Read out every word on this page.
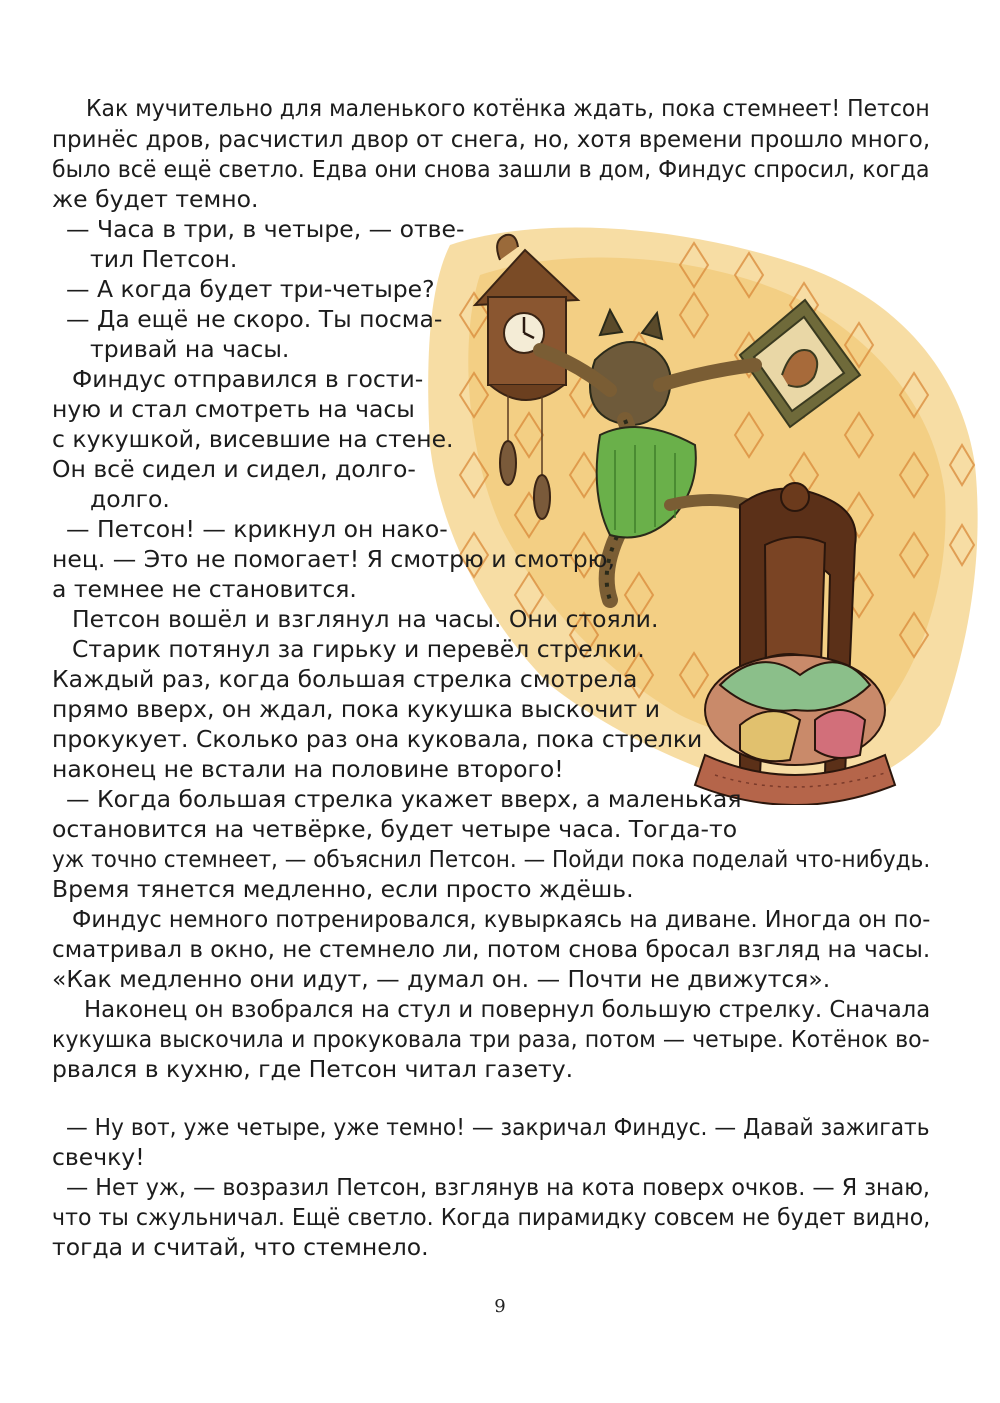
Как мучительно для маленького котёнка ждать, пока стемнеет! Петсон
принёс дров, расчистил двор от снега, но, хотя времени прошло много,
было всё ещё светло. Едва они снова зашли в дом, Финдус спросил, когда
же будет темно.
— Часа в три, в четыре, — отве-
тил Петсон.
— А когда будет три-четыре?
— Да ещё не скоро. Ты посма-
тривай на часы.
Финдус отправился в гости-
ную и стал смотреть на часы
с кукушкой, висевшие на стене.
Он всё сидел и сидел, долго-
долго.
— Петсон! — крикнул он нако-
нец. — Это не помогает! Я смотрю и смотрю,
а темнее не становится.
Петсон вошёл и взглянул на часы. Они стояли.
Старик потянул за гирьку и перевёл стрелки.
Каждый раз, когда большая стрелка смотрела
прямо вверх, он ждал, пока кукушка выскочит и
прокукует. Сколько раз она куковала, пока стрелки
наконец не встали на половине второго!
— Когда большая стрелка укажет вверх, а маленькая
остановится на четвёрке, будет четыре часа. Тогда-то
уж точно стемнеет, — объяснил Петсон. — Пойди пока поделай что-нибудь.
Время тянется медленно, если просто ждёшь.
Финдус немного потренировался, кувыркаясь на диване. Иногда он по-
сматривал в окно, не стемнело ли, потом снова бросал взгляд на часы.
«Как медленно они идут, — думал он. — Почти не движутся».
Наконец он взобрался на стул и повернул большую стрелку. Сначала
кукушка выскочила и прокуковала три раза, потом — четыре. Котёнок во-
рвался в кухню, где Петсон читал газету.
— Ну вот, уже четыре, уже темно! — закричал Финдус. — Давай зажигать
свечку!
— Нет уж, — возразил Петсон, взглянув на кота поверх очков. — Я знаю,
что ты сжульничал. Ещё светло. Когда пирамидку совсем не будет видно,
тогда и считай, что стемнело.
9
